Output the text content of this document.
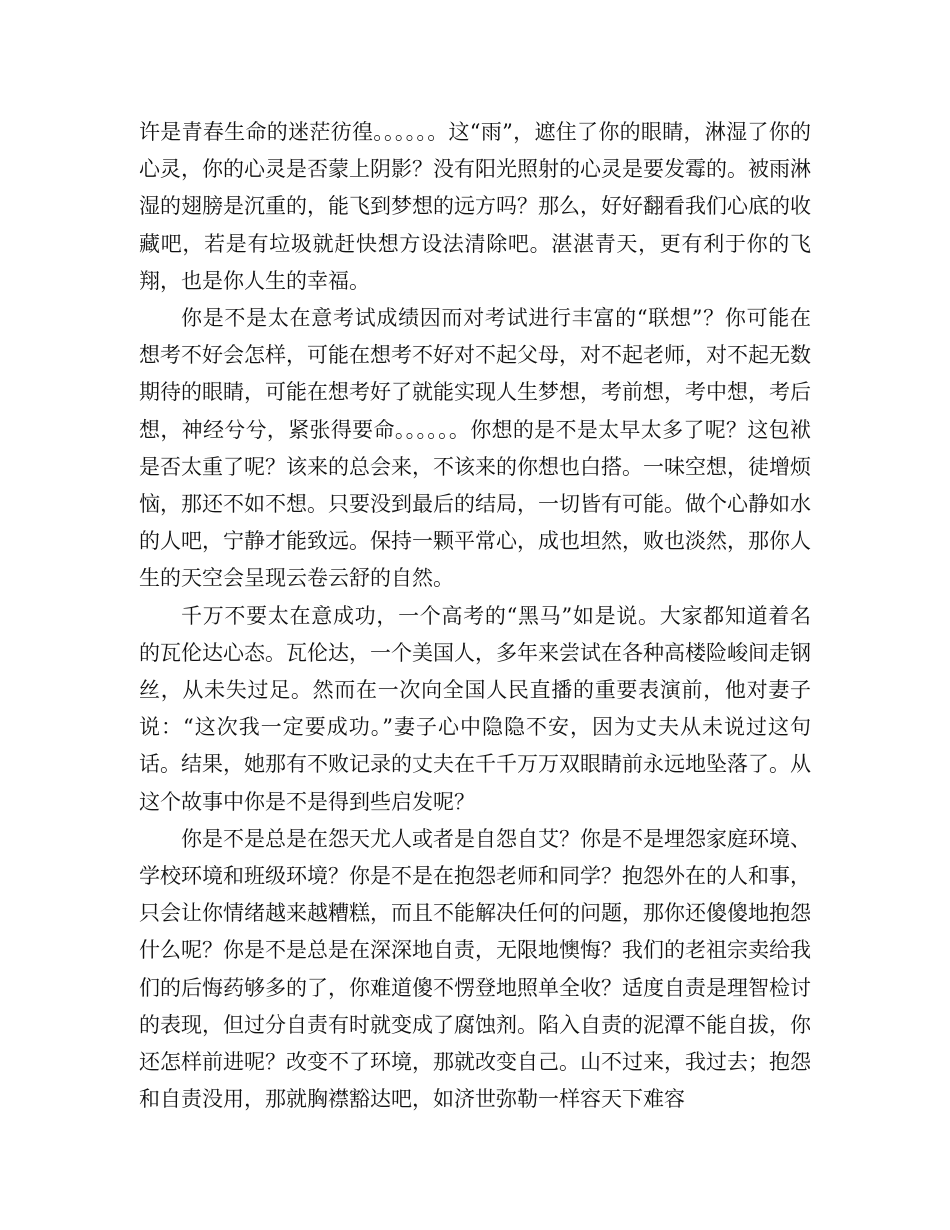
许是青春生命的迷茫彷徨。。。。。。这“雨”，遮住了你的眼睛，淋湿了你的心灵，你的心灵是否蒙上阴影？没有阳光照射的心灵是要发霉的。被雨淋湿的翅膀是沉重的，能飞到梦想的远方吗？那么，好好翻看我们心底的收藏吧，若是有垃圾就赶快想方设法清除吧。湛湛青天，更有利于你的飞翔，也是你人生的幸福。

你是不是太在意考试成绩因而对考试进行丰富的“联想”？你可能在想考不好会怎样，可能在想考不好对不起父母，对不起老师，对不起无数期待的眼睛，可能在想考好了就能实现人生梦想，考前想，考中想，考后想，神经兮兮，紧张得要命。。。。。。你想的是不是太早太多了呢？这包袱是否太重了呢？该来的总会来，不该来的你想也白搭。一味空想，徒增烦恼，那还不如不想。只要没到最后的结局，一切皆有可能。做个心静如水的人吧，宁静才能致远。保持一颗平常心，成也坦然，败也淡然，那你人生的天空会呈现云卷云舒的自然。

千万不要太在意成功，一个高考的“黑马”如是说。大家都知道着名的瓦伦达心态。瓦伦达，一个美国人，多年来尝试在各种高楼险峻间走钢丝，从未失过足。然而在一次向全国人民直播的重要表演前，他对妻子说：“这次我一定要成功。”妻子心中隐隐不安，因为丈夫从未说过这句话。结果，她那有不败记录的丈夫在千千万万双眼睛前永远地坠落了。从这个故事中你是不是得到些启发呢？

你是不是总是在怨天尤人或者是自怨自艾？你是不是埋怨家庭环境、学校环境和班级环境？你是不是在抱怨老师和同学？抱怨外在的人和事，只会让你情绪越来越糟糕，而且不能解决任何的问题，那你还傻傻地抱怨什么呢？你是不是总是在深深地自责，无限地懊悔？我们的老祖宗卖给我们的后悔药够多的了，你难道傻不愣登地照单全收？适度自责是理智检讨的表现，但过分自责有时就变成了腐蚀剂。陷入自责的泥潭不能自拔，你还怎样前进呢？改变不了环境，那就改变自己。山不过来，我过去；抱怨和自责没用，那就胸襟豁达吧，如济世弥勒一样容天下难容
